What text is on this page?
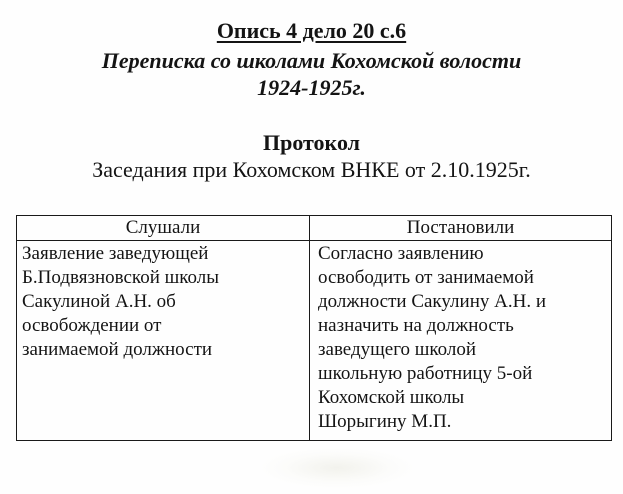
Опись 4 дело 20 с.6
Переписка со школами Кохомской волости
1924-1925г.
Протокол
Заседания при Кохомском ВНКЕ от 2.10.1925г.
Слушали	Постановили
Заявление заведующей
Б.Подвязновской школы
Сакулиной А.Н. об
освобождении от
занимаемой должности
Согласно заявлению
освободить от занимаемой
должности Сакулину А.Н. и
назначить на должность
заведущего школой
школьную работницу 5-ой
Кохомской школы
Шорыгину М.П.
